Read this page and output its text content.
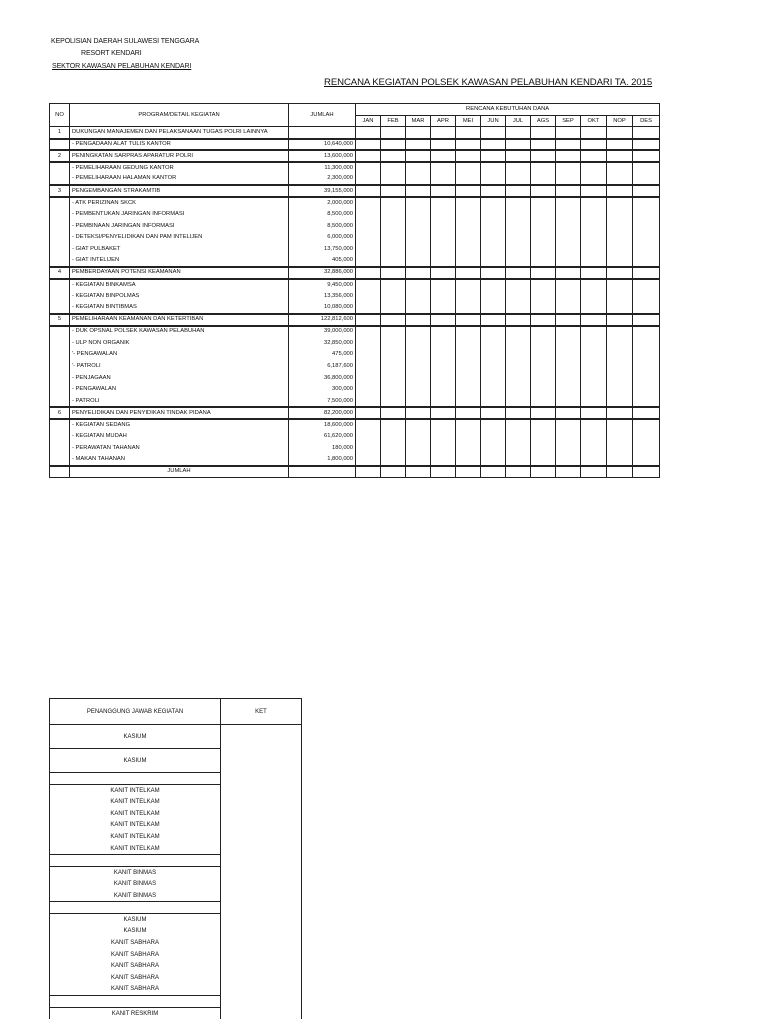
KEPOLISIAN DAERAH SULAWESI TENGGARA
RESORT KENDARI
SEKTOR KAWASAN PELABUHAN KENDARI
RENCANA KEGIATAN POLSEK KAWASAN PELABUHAN KENDARI TA. 2015
NO	PROGRAM/DETAIL KEGIATAN	JUMLAH	RENCANA KEBUTUHAN DANA											
			JAN	FEB	MAR	APR	MEI	JUN	JUL	AGS	SEP	OKT	NOP	DES
1	DUKUNGAN MANAJEMEN DAN PELAKSANAAN TUGAS POLRI LAINNYA													
	- PENGADAAN ALAT TULIS KANTOR	10,640,000												
2	PENINGKATAN SARPRAS APARATUR POLRI	13,600,000												
	- PEMELIHARAAN GEDUNG KANTOR	11,300,000												
	- PEMELIHARAAN HALAMAN KANTOR	2,300,000												
3	PENGEMBANGAN STRAKAMTIB	39,155,000												
	- ATK PERIZINAN SKCK	2,000,000												
	- PEMBENTUKAN JARINGAN INFORMASI	8,500,000												
	- PEMBINAAN JARINGAN INFORMASI	8,500,000												
	- DETEKSI/PENYELIDIKAN DAN PAM INTELIJEN	6,000,000												
	- GIAT PULBAKET	13,750,000												
	- GIAT INTELIJEN	405,000												
4	PEMBERDAYAAN POTENSI KEAMANAN	32,886,000												
	- KEGIATAN BINKAMSA	9,450,000												
	- KEGIATAN BINPOLMAS	13,356,000												
	- KEGIATAN BINTIBMAS	10,080,000												
5	PEMELIHARAAN KEAMANAN DAN KETERTIBAN	122,812,600												
	- DUK OPSNAL POLSEK KAWASAN PELABUHAN	39,000,000												
	- ULP NON ORGANIK	32,850,000												
	'- PENGAWALAN	475,000												
	'- PATROLI	6,187,600												
	- PENJAGAAN	36,800,000												
	- PENGAWALAN	300,000												
	- PATROLI	7,500,000												
6	PENYELIDIKAN DAN PENYIDIKAN TINDAK PIDANA	82,200,000												
	- KEGIATAN SEDANG	18,600,000												
	- KEGIATAN MUDAH	61,620,000												
	- PERAWATAN TAHANAN	180,000												
	- MAKAN TAHANAN	1,800,000												
	JUMLAH													
PENANGGUNG JAWAB KEGIATAN	KET
KASIUM	
KASIUM	

KANIT INTELKAM	
KANIT INTELKAM	
KANIT INTELKAM	
KANIT INTELKAM	
KANIT INTELKAM	
KANIT INTELKAM	

KANIT BINMAS	
KANIT BINMAS	
KANIT BINMAS	

KASIUM	
KASIUM	
KANIT SABHARA	
KANIT SABHARA	
KANIT SABHARA	
KANIT SABHARA	
KANIT SABHARA	

KANIT RESKRIM	
